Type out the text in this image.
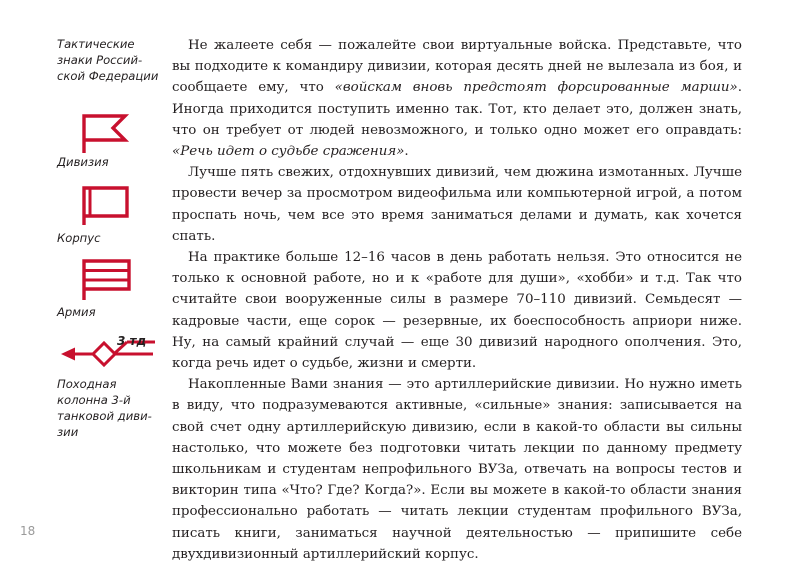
Тактические
знаки Россий-
ской Федерации
Дивизия
Корпус
Армия
3 тд
Походная
колонна 3-й
танковой диви-
зии

Не жалеете себя — пожалейте свои виртуальные войска. Представьте, что вы подходите к командиру дивизии, которая десять дней не вылезала из боя, и сообщаете ему, что «войскам вновь предстоят форсированные марши». Иногда приходится поступить именно так. Тот, кто делает это, должен знать, что он требует от людей невозможного, и только одно может его оправдать: «Речь идет о судьбе сражения».

Лучше пять свежих, отдохнувших дивизий, чем дюжина измотанных. Лучше провести вечер за просмотром видеофильма или компьютерной игрой, а потом проспать ночь, чем все это время заниматься делами и думать, как хочется спать.

На практике больше 12–16 часов в день работать нельзя. Это относится не только к основной работе, но и к «работе для души», «хобби» и т.д. Так что считайте свои вооруженные силы в размере 70–110 дивизий. Семьдесят — кадровые части, еще сорок — резервные, их боеспособность априори ниже. Ну, на самый крайний случай — еще 30 дивизий народного ополчения. Это, когда речь идет о судьбе, жизни и смерти.

Накопленные Вами знания — это артиллерийские дивизии. Но нужно иметь в виду, что подразумеваются активные, «сильные» знания: записывается на свой счет одну артиллерийскую дивизию, если в какой-то области вы сильны настолько, что можете без подготовки читать лекции по данному предмету школьникам и студентам непрофильного ВУЗа, отвечать на вопросы тестов и викторин типа «Что? Где? Когда?». Если вы можете в какой-то области знания профессионально работать — читать лекции студентам профильного ВУЗа, писать книги, заниматься научной деятельностью — припишите себе двухдивизионный артиллерийский корпус.

18
